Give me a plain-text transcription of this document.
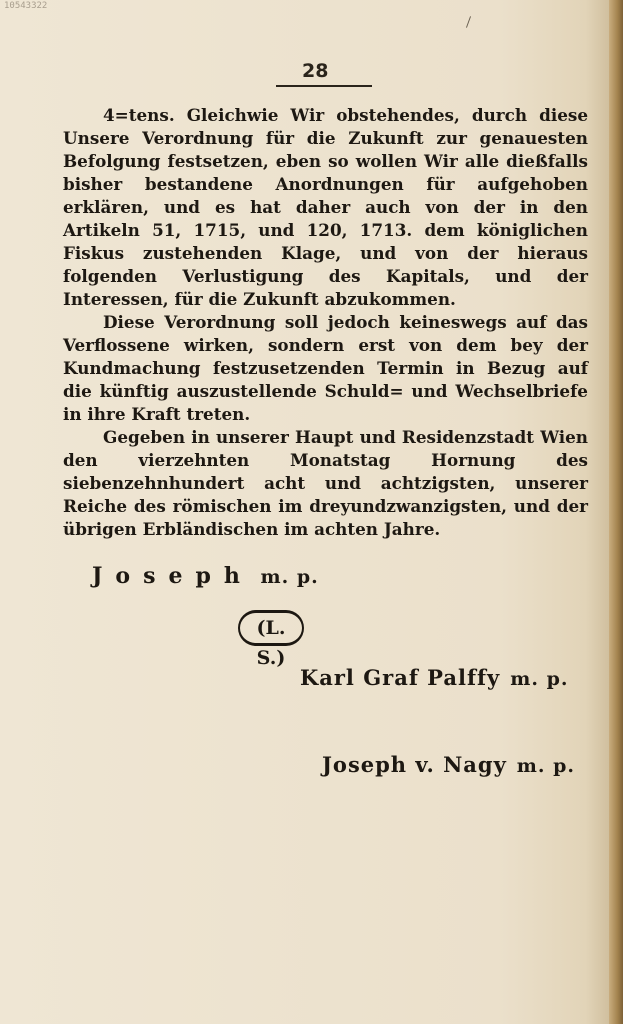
10543322
28

4=tens. Gleichwie Wir obstehendes, durch diese Unsere Verordnung für die Zukunft zur genauesten Befolgung festsetzen, eben so wollen Wir alle dießfalls bisher bestandene Anordnungen für aufgehoben erklären, und es hat daher auch von der in den Artikeln 51, 1715, und 120, 1713. dem königlichen Fiskus zustehenden Klage, und von der hieraus folgenden Verlustigung des Kapitals, und der Interessen, für die Zukunft abzukommen.

Diese Verordnung soll jedoch keineswegs auf das Verflossene wirken, sondern erst von dem bey der Kundmachung festzusetzenden Termin in Bezug auf die künftig auszustellende Schuld= und Wechselbriefe in ihre Kraft treten.

Gegeben in unserer Haupt und Residenzstadt Wien den vierzehnten Monatstag Hornung des siebenzehnhundert acht und achtzigsten, unserer Reiche des römischen im dreyundzwanzigsten, und der übrigen Erbländischen im achten Jahre.

Joseph m. p.
(L. S.)
Karl Graf Palffy m. p.
Joseph v. Nagy m. p.
